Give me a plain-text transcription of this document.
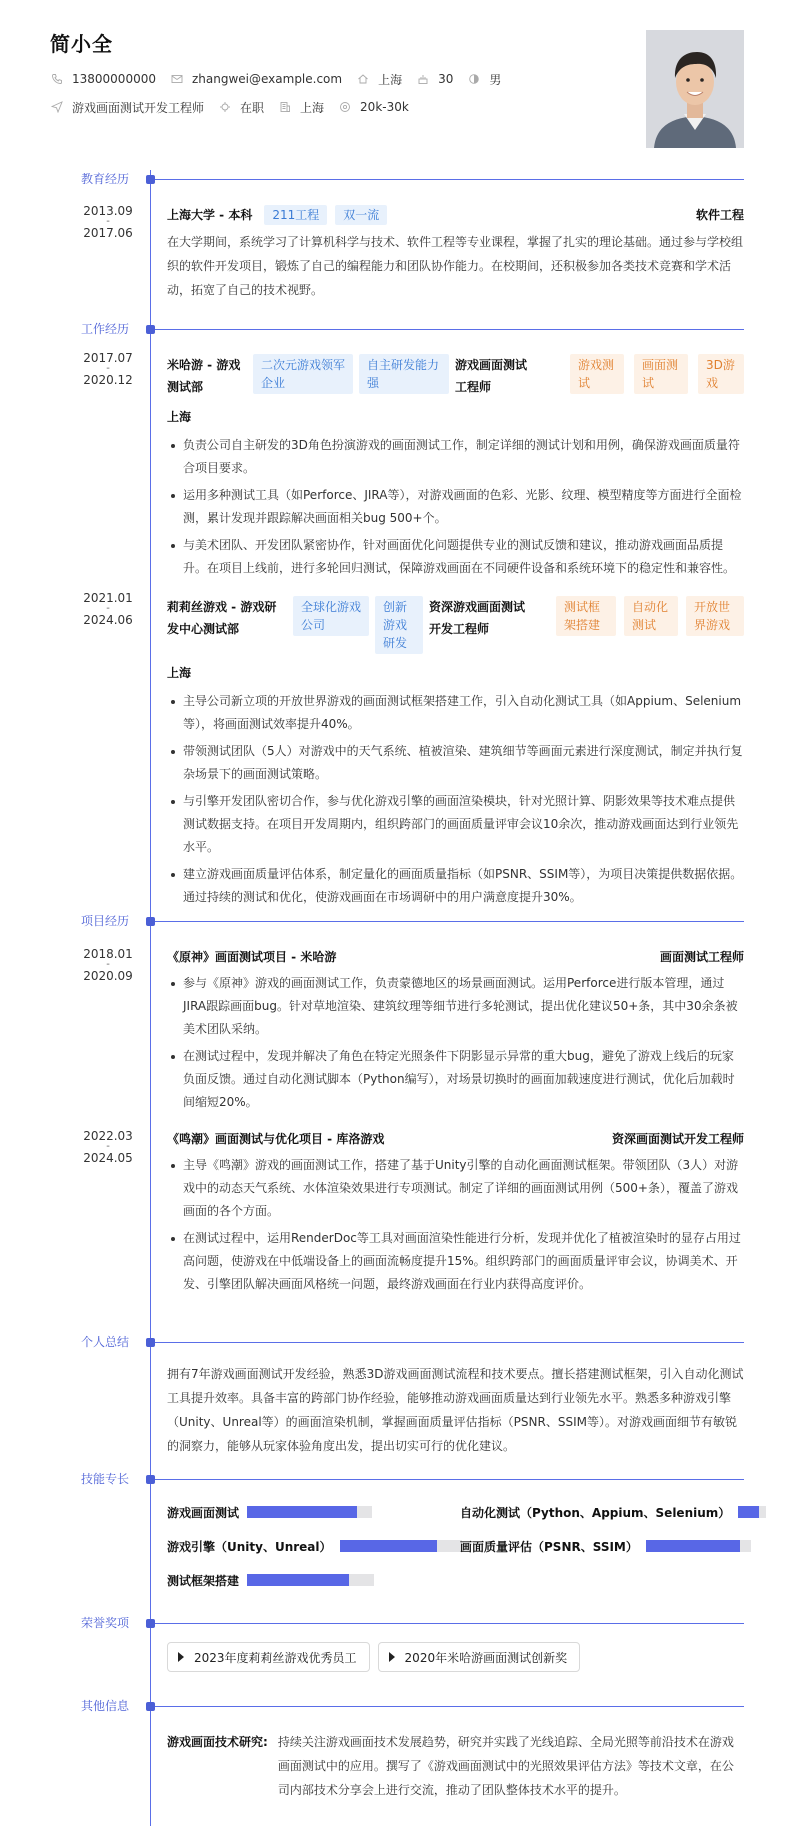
简小全
13800000000	zhangwei@example.com	上海	30	男
游戏画面测试开发工程师	在职	上海	20k-30k
教育经历
2013.09
-
2017.06
上海大学 - 本科	211工程	双一流	软件工程
在大学期间，系统学习了计算机科学与技术、软件工程等专业课程，掌握了扎实的理论基础。通过参与学校组织的软件开发项目，锻炼了自己的编程能力和团队协作能力。在校期间，还积极参加各类技术竞赛和学术活动，拓宽了自己的技术视野。
工作经历
2017.07
-
2020.12
米哈游 - 游戏测试部
二次元游戏领军企业
自主研发能力强
游戏画面测试工程师
游戏测试
画面测试
3D游戏
上海
负责公司自主研发的3D角色扮演游戏的画面测试工作，制定详细的测试计划和用例，确保游戏画面质量符合项目要求。
运用多种测试工具（如Perforce、JIRA等），对游戏画面的色彩、光影、纹理、模型精度等方面进行全面检测，累计发现并跟踪解决画面相关bug 500+个。
与美术团队、开发团队紧密协作，针对画面优化问题提供专业的测试反馈和建议，推动游戏画面品质提升。在项目上线前，进行多轮回归测试，保障游戏画面在不同硬件设备和系统环境下的稳定性和兼容性。
2021.01
-
2024.06
莉莉丝游戏 - 游戏研发中心测试部
全球化游戏公司
创新游戏研发
资深游戏画面测试开发工程师
测试框架搭建
自动化测试
开放世界游戏
上海
主导公司新立项的开放世界游戏的画面测试框架搭建工作，引入自动化测试工具（如Appium、Selenium等），将画面测试效率提升40%。
带领测试团队（5人）对游戏中的天气系统、植被渲染、建筑细节等画面元素进行深度测试，制定并执行复杂场景下的画面测试策略。
与引擎开发团队密切合作，参与优化游戏引擎的画面渲染模块，针对光照计算、阴影效果等技术难点提供测试数据支持。在项目开发周期内，组织跨部门的画面质量评审会议10余次，推动游戏画面达到行业领先水平。
建立游戏画面质量评估体系，制定量化的画面质量指标（如PSNR、SSIM等），为项目决策提供数据依据。通过持续的测试和优化，使游戏画面在市场调研中的用户满意度提升30%。
项目经历
2018.01
-
2020.09
《原神》画面测试项目 - 米哈游	画面测试工程师
参与《原神》游戏的画面测试工作，负责蒙德地区的场景画面测试。运用Perforce进行版本管理，通过JIRA跟踪画面bug。针对草地渲染、建筑纹理等细节进行多轮测试，提出优化建议50+条，其中30余条被美术团队采纳。
在测试过程中，发现并解决了角色在特定光照条件下阴影显示异常的重大bug，避免了游戏上线后的玩家负面反馈。通过自动化测试脚本（Python编写），对场景切换时的画面加载速度进行测试，优化后加载时间缩短20%。
2022.03
-
2024.05
《鸣潮》画面测试与优化项目 - 库洛游戏	资深画面测试开发工程师
主导《鸣潮》游戏的画面测试工作，搭建了基于Unity引擎的自动化画面测试框架。带领团队（3人）对游戏中的动态天气系统、水体渲染效果进行专项测试。制定了详细的画面测试用例（500+条），覆盖了游戏画面的各个方面。
在测试过程中，运用RenderDoc等工具对画面渲染性能进行分析，发现并优化了植被渲染时的显存占用过高问题，使游戏在中低端设备上的画面流畅度提升15%。组织跨部门的画面质量评审会议，协调美术、开发、引擎团队解决画面风格统一问题，最终游戏画面在行业内获得高度评价。
个人总结
拥有7年游戏画面测试开发经验，熟悉3D游戏画面测试流程和技术要点。擅长搭建测试框架，引入自动化测试工具提升效率。具备丰富的跨部门协作经验，能够推动游戏画面质量达到行业领先水平。熟悉多种游戏引擎（Unity、Unreal等）的画面渲染机制，掌握画面质量评估指标（PSNR、SSIM等）。对游戏画面细节有敏锐的洞察力，能够从玩家体验角度出发，提出切实可行的优化建议。
技能专长
游戏画面测试	自动化测试（Python、Appium、Selenium）
游戏引擎（Unity、Unreal）	画面质量评估（PSNR、SSIM）
测试框架搭建
荣誉奖项
2023年度莉莉丝游戏优秀员工	2020年米哈游画面测试创新奖
其他信息
游戏画面技术研究: 持续关注游戏画面技术发展趋势，研究并实践了光线追踪、全局光照等前沿技术在游戏画面测试中的应用。撰写了《游戏画面测试中的光照效果评估方法》等技术文章，在公司内部技术分享会上进行交流，推动了团队整体技术水平的提升。
